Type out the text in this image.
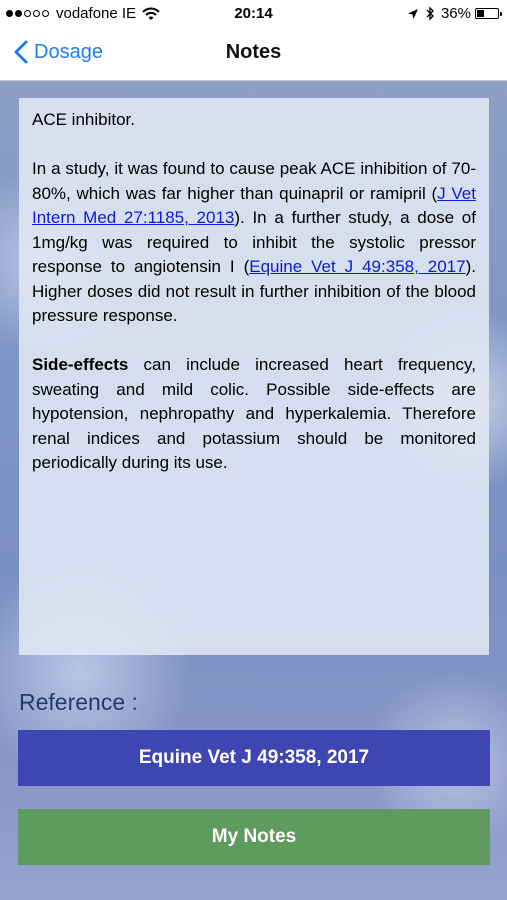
vodafone IE	20:14	36%
Dosage	Notes

ACE inhibitor.

In a study, it was found to cause peak ACE inhibition of 70-80%, which was far higher than quinapril or ramipril (J Vet Intern Med 27:1185, 2013). In a further study, a dose of 1mg/kg was required to inhibit the systolic pressor response to angiotensin I (Equine Vet J 49:358, 2017). Higher doses did not result in further inhibition of the blood pressure response.

Side-effects can include increased heart frequency, sweating and mild colic. Possible side-effects are hypotension, nephropathy and hyperkalemia. Therefore renal indices and potassium should be monitored periodically during its use.

Reference :
Equine Vet J 49:358, 2017
My Notes
